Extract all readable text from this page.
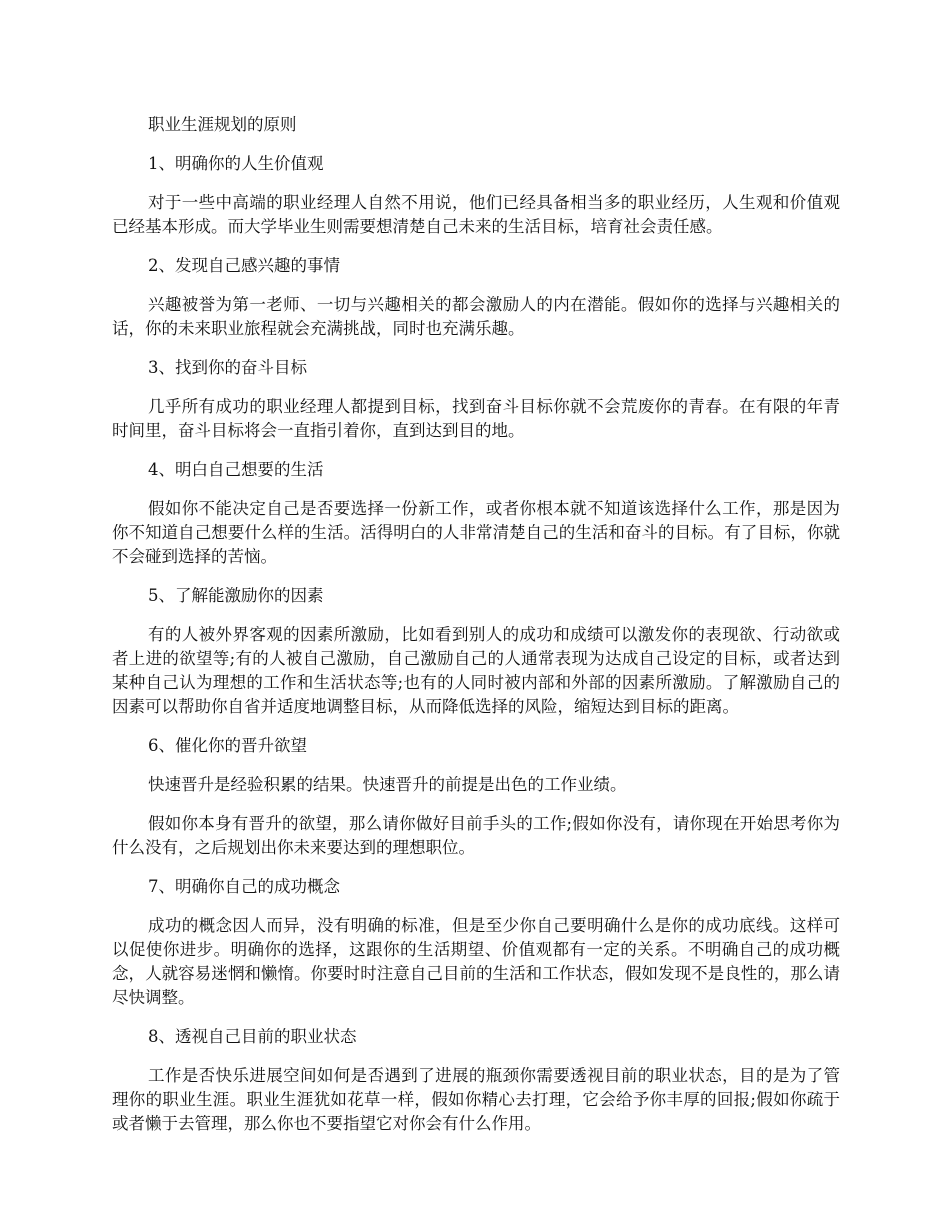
职业生涯规划的原则
1、明确你的人生价值观
对于一些中高端的职业经理人自然不用说，他们已经具备相当多的职业经历，人生观和价值观已经基本形成。而大学毕业生则需要想清楚自己未来的生活目标，培育社会责任感。
2、发现自己感兴趣的事情
兴趣被誉为第一老师、一切与兴趣相关的都会激励人的内在潜能。假如你的选择与兴趣相关的话，你的未来职业旅程就会充满挑战，同时也充满乐趣。
3、找到你的奋斗目标
几乎所有成功的职业经理人都提到目标，找到奋斗目标你就不会荒废你的青春。在有限的年青时间里，奋斗目标将会一直指引着你，直到达到目的地。
4、明白自己想要的生活
假如你不能决定自己是否要选择一份新工作，或者你根本就不知道该选择什么工作，那是因为你不知道自己想要什么样的生活。活得明白的人非常清楚自己的生活和奋斗的目标。有了目标，你就不会碰到选择的苦恼。
5、了解能激励你的因素
有的人被外界客观的因素所激励，比如看到别人的成功和成绩可以激发你的表现欲、行动欲或者上进的欲望等;有的人被自己激励，自己激励自己的人通常表现为达成自己设定的目标，或者达到某种自己认为理想的工作和生活状态等;也有的人同时被内部和外部的因素所激励。了解激励自己的因素可以帮助你自省并适度地调整目标，从而降低选择的风险，缩短达到目标的距离。
6、催化你的晋升欲望
快速晋升是经验积累的结果。快速晋升的前提是出色的工作业绩。
假如你本身有晋升的欲望，那么请你做好目前手头的工作;假如你没有，请你现在开始思考你为什么没有，之后规划出你未来要达到的理想职位。
7、明确你自己的成功概念
成功的概念因人而异，没有明确的标准，但是至少你自己要明确什么是你的成功底线。这样可以促使你进步。明确你的选择，这跟你的生活期望、价值观都有一定的关系。不明确自己的成功概念，人就容易迷惘和懒惰。你要时时注意自己目前的生活和工作状态，假如发现不是良性的，那么请尽快调整。
8、透视自己目前的职业状态
工作是否快乐进展空间如何是否遇到了进展的瓶颈你需要透视目前的职业状态，目的是为了管理你的职业生涯。职业生涯犹如花草一样，假如你精心去打理，它会给予你丰厚的回报;假如你疏于或者懒于去管理，那么你也不要指望它对你会有什么作用。
